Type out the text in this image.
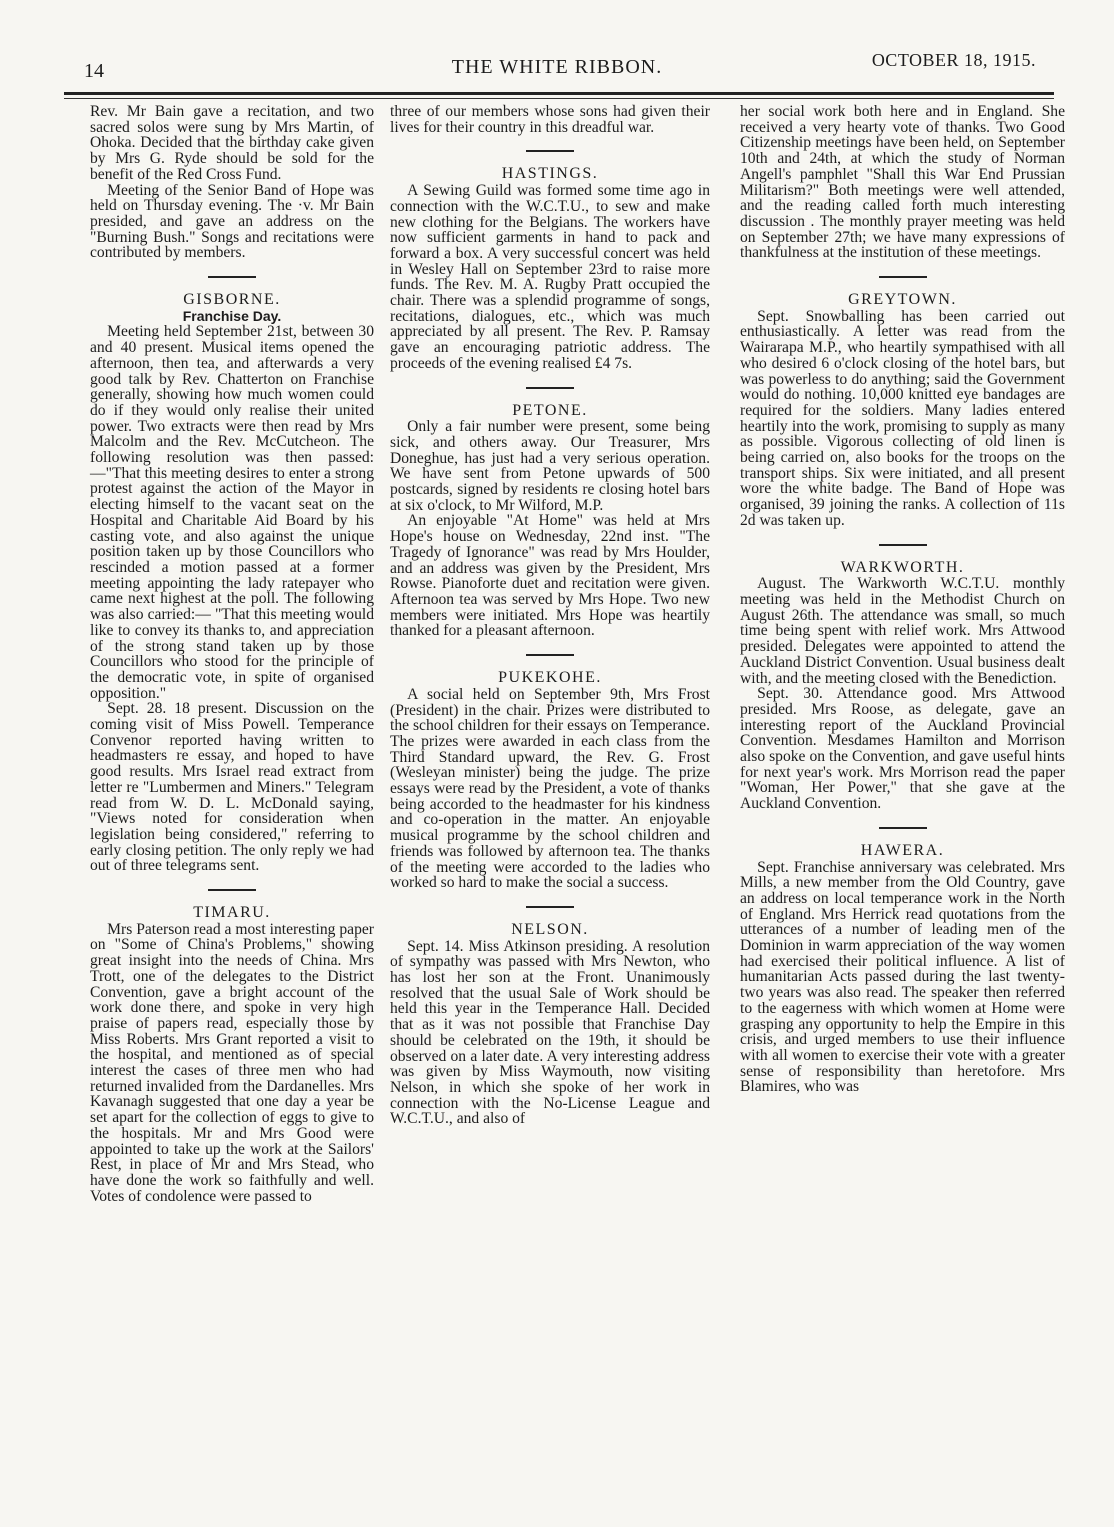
14	THE WHITE RIBBON.	OCTOBER 18, 1915.

Rev. Mr Bain gave a recitation, and two sacred solos were sung by Mrs Martin, of Ohoka. Decided that the birthday cake given by Mrs G. Ryde should be sold for the benefit of the Red Cross Fund.

Meeting of the Senior Band of Hope was held on Thursday evening. The ·v. Mr Bain presided, and gave an address on the "Burning Bush." Songs and recitations were contributed by members.

GISBORNE.
Franchise Day.

Meeting held September 21st, between 30 and 40 present. Musical items opened the afternoon, then tea, and afterwards a very good talk by Rev. Chatterton on Franchise generally, showing how much women could do if they would only realise their united power. Two extracts were then read by Mrs Malcolm and the Rev. McCutcheon. The following resolution was then passed:—"That this meeting desires to enter a strong protest against the action of the Mayor in electing himself to the vacant seat on the Hospital and Charitable Aid Board by his casting vote, and also against the unique position taken up by those Councillors who rescinded a motion passed at a former meeting appointing the lady ratepayer who came next highest at the poll. The following was also carried:— "That this meeting would like to convey its thanks to, and appreciation of the strong stand taken up by those Councillors who stood for the principle of the democratic vote, in spite of organised opposition."

Sept. 28. 18 present. Discussion on the coming visit of Miss Powell. Temperance Convenor reported having written to headmasters re essay, and hoped to have good results. Mrs Israel read extract from letter re "Lumbermen and Miners." Telegram read from W. D. L. McDonald saying, "Views noted for consideration when legislation being considered," referring to early closing petition. The only reply we had out of three telegrams sent.

TIMARU.

Mrs Paterson read a most interesting paper on "Some of China's Problems," showing great insight into the needs of China. Mrs Trott, one of the delegates to the District Convention, gave a bright account of the work done there, and spoke in very high praise of papers read, especially those by Miss Roberts. Mrs Grant reported a visit to the hospital, and mentioned as of special interest the cases of three men who had returned invalided from the Dardanelles. Mrs Kavanagh suggested that one day a year be set apart for the collection of eggs to give to the hospitals. Mr and Mrs Good were appointed to take up the work at the Sailors' Rest, in place of Mr and Mrs Stead, who have done the work so faithfully and well. Votes of condolence were passed to

three of our members whose sons had given their lives for their country in this dreadful war.

HASTINGS.

A Sewing Guild was formed some time ago in connection with the W.C.T.U., to sew and make new clothing for the Belgians. The workers have now sufficient garments in hand to pack and forward a box. A very successful concert was held in Wesley Hall on September 23rd to raise more funds. The Rev. M. A. Rugby Pratt occupied the chair. There was a splendid programme of songs, recitations, dialogues, etc., which was much appreciated by all present. The Rev. P. Ramsay gave an encouraging patriotic address. The proceeds of the evening realised £4 7s.

PETONE.

Only a fair number were present, some being sick, and others away. Our Treasurer, Mrs Doneghue, has just had a very serious operation. We have sent from Petone upwards of 500 postcards, signed by residents re closing hotel bars at six o'clock, to Mr Wilford, M.P.

An enjoyable "At Home" was held at Mrs Hope's house on Wednesday, 22nd inst. "The Tragedy of Ignorance" was read by Mrs Houlder, and an address was given by the President, Mrs Rowse. Pianoforte duet and recitation were given. Afternoon tea was served by Mrs Hope. Two new members were initiated. Mrs Hope was heartily thanked for a pleasant afternoon.

PUKEKOHE.

A social held on September 9th, Mrs Frost (President) in the chair. Prizes were distributed to the school children for their essays on Temperance. The prizes were awarded in each class from the Third Standard upward, the Rev. G. Frost (Wesleyan minister) being the judge. The prize essays were read by the President, a vote of thanks being accorded to the headmaster for his kindness and co-operation in the matter. An enjoyable musical programme by the school children and friends was followed by afternoon tea. The thanks of the meeting were accorded to the ladies who worked so hard to make the social a success.

NELSON.

Sept. 14. Miss Atkinson presiding. A resolution of sympathy was passed with Mrs Newton, who has lost her son at the Front. Unanimously resolved that the usual Sale of Work should be held this year in the Temperance Hall. Decided that as it was not possible that Franchise Day should be celebrated on the 19th, it should be observed on a later date. A very interesting address was given by Miss Waymouth, now visiting Nelson, in which she spoke of her work in connection with the No-License League and W.C.T.U., and also of

her social work both here and in England. She received a very hearty vote of thanks. Two Good Citizenship meetings have been held, on September 10th and 24th, at which the study of Norman Angell's pamphlet "Shall this War End Prussian Militarism?" Both meetings were well attended, and the reading called forth much interesting discussion . The monthly prayer meeting was held on September 27th; we have many expressions of thankfulness at the institution of these meetings.

GREYTOWN.

Sept. Snowballing has been carried out enthusiastically. A letter was read from the Wairarapa M.P., who heartily sympathised with all who desired 6 o'clock closing of the hotel bars, but was powerless to do anything; said the Government would do nothing. 10,000 knitted eye bandages are required for the soldiers. Many ladies entered heartily into the work, promising to supply as many as possible. Vigorous collecting of old linen is being carried on, also books for the troops on the transport ships. Six were initiated, and all present wore the white badge. The Band of Hope was organised, 39 joining the ranks. A collection of 11s 2d was taken up.

WARKWORTH.

August. The Warkworth W.C.T.U. monthly meeting was held in the Methodist Church on August 26th. The attendance was small, so much time being spent with relief work. Mrs Attwood presided. Delegates were appointed to attend the Auckland District Convention. Usual business dealt with, and the meeting closed with the Benediction.

Sept. 30. Attendance good. Mrs Attwood presided. Mrs Roose, as delegate, gave an interesting report of the Auckland Provincial Convention. Mesdames Hamilton and Morrison also spoke on the Convention, and gave useful hints for next year's work. Mrs Morrison read the paper "Woman, Her Power," that she gave at the Auckland Convention.

HAWERA.

Sept. Franchise anniversary was celebrated. Mrs Mills, a new member from the Old Country, gave an address on local temperance work in the North of England. Mrs Herrick read quotations from the utterances of a number of leading men of the Dominion in warm appreciation of the way women had exercised their political influence. A list of humanitarian Acts passed during the last twenty-two years was also read. The speaker then referred to the eagerness with which women at Home were grasping any opportunity to help the Empire in this crisis, and urged members to use their influence with all women to exercise their vote with a greater sense of responsibility than heretofore. Mrs Blamires, who was
